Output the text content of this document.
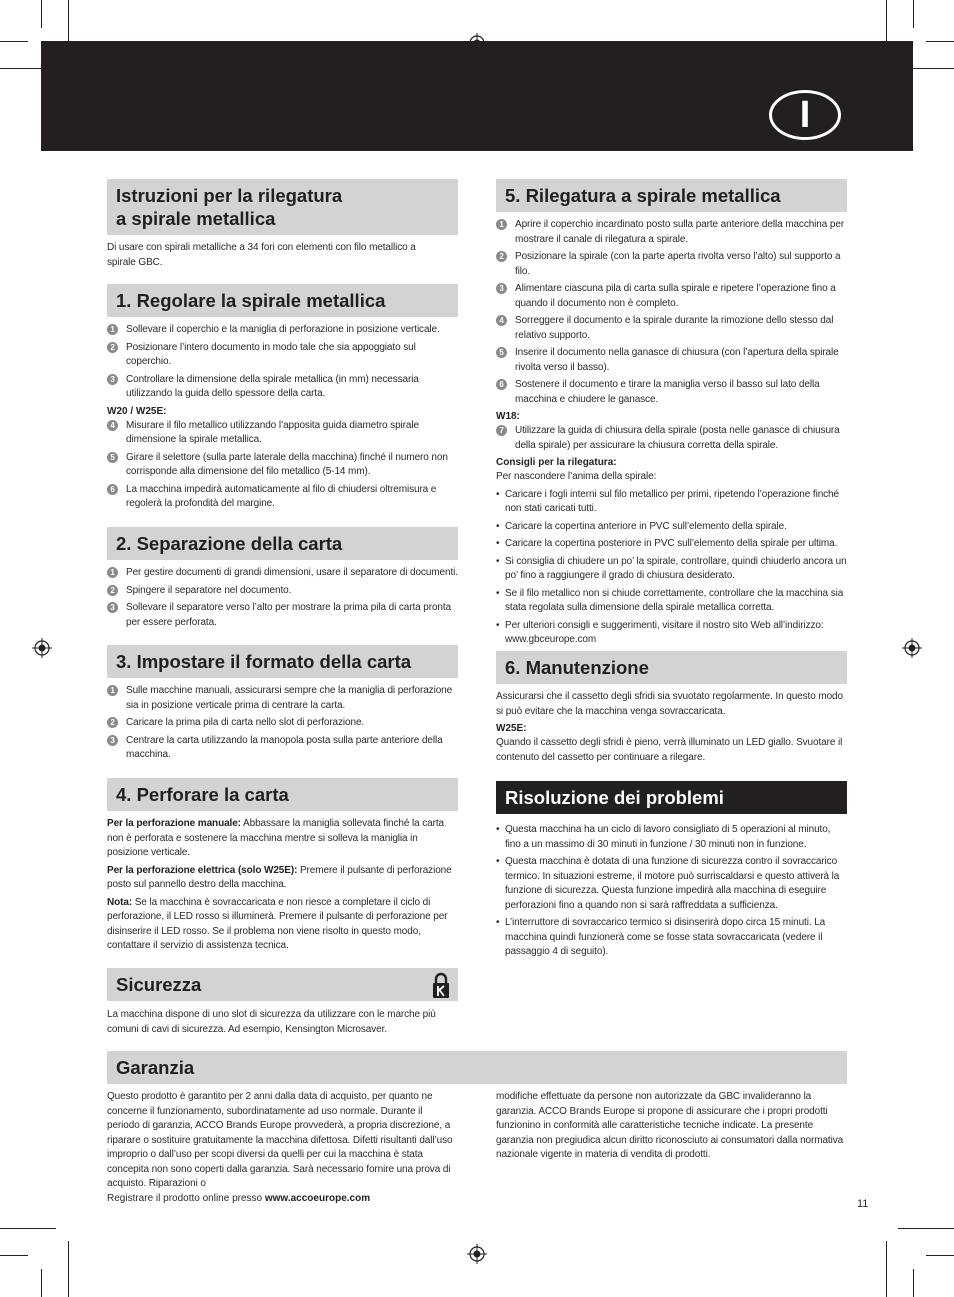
I
Istruzioni per la rilegatura
a spirale metallica
Di usare con spirali metalliche a 34 fori con elementi con filo metallico a
spirale GBC.
1. Regolare la spirale metallica
1	Sollevare il coperchio e la maniglia di perforazione in posizione verticale.
2	Posizionare l’intero documento in modo tale che sia appoggiato sul coperchio.
3	Controllare la dimensione della spirale metallica (in mm) necessaria utilizzando la guida dello spessore della carta.
W20 / W25E:
4	Misurare il filo metallico utilizzando l’apposita guida diametro spirale dimensione la spirale metallica.
5	Girare il selettore (sulla parte laterale della macchina) finché il numero non corrisponde alla dimensione del filo metallico (5-14 mm).
6	La macchina impedirà automaticamente al filo di chiudersi oltremisura e regolerà la profondità del margine.
2. Separazione della carta
1	Per gestire documenti di grandi dimensioni, usare il separatore di documenti.
2	Spingere il separatore nel documento.
3	Sollevare il separatore verso l’alto per mostrare la prima pila di carta pronta per essere perforata.
3. Impostare il formato della carta
1	Sulle macchine manuali, assicurarsi sempre che la maniglia di perforazione sia in posizione verticale prima di centrare la carta.
2	Caricare la prima pila di carta nello slot di perforazione.
3	Centrare la carta utilizzando la manopola posta sulla parte anteriore della macchina.
4. Perforare la carta
Per la perforazione manuale: Abbassare la maniglia sollevata finché la carta non è perforata e sostenere la macchina mentre si solleva la maniglia in posizione verticale.
Per la perforazione elettrica (solo W25E): Premere il pulsante di perforazione posto sul pannello destro della macchina.
Nota: Se la macchina è sovraccaricata e non riesce a completare il ciclo di perforazione, il LED rosso si illuminerà. Premere il pulsante di perforazione per disinserire il LED rosso. Se il problema non viene risolto in questo modo, contattare il servizio di assistenza tecnica.
Sicurezza
La macchina dispone di uno slot di sicurezza da utilizzare con le marche più comuni di cavi di sicurezza. Ad esempio, Kensington Microsaver.
5. Rilegatura a spirale metallica
1	Aprire il coperchio incardinato posto sulla parte anteriore della macchina per mostrare il canale di rilegatura a spirale.
2	Posizionare la spirale (con la parte aperta rivolta verso l’alto) sul supporto a filo.
3	Alimentare ciascuna pila di carta sulla spirale e ripetere l’operazione fino a quando il documento non è completo.
4	Sorreggere il documento e la spirale durante la rimozione dello stesso dal relativo supporto.
5	Inserire il documento nella ganasce di chiusura (con l’apertura della spirale rivolta verso il basso).
6	Sostenere il documento e tirare la maniglia verso il basso sul lato della macchina e chiudere le ganasce.
W18:
7	Utilizzare la guida di chiusura della spirale (posta nelle ganasce di chiusura della spirale) per assicurare la chiusura corretta della spirale.
Consigli per la rilegatura:
Per nascondere l’anima della spirale:
• Caricare i fogli interni sul filo metallico per primi, ripetendo l’operazione finché non stati caricati tutti.
• Caricare la copertina anteriore in PVC sull’elemento della spirale.
• Caricare la copertina posteriore in PVC sull’elemento della spirale per ultima.
• Si consiglia di chiudere un po’ la spirale, controllare, quindi chiuderlo ancora un po’ fino a raggiungere il grado di chiusura desiderato.
• Se il filo metallico non si chiude correttamente, controllare che la macchina sia stata regolata sulla dimensione della spirale metallica corretta.
• Per ulteriori consigli e suggerimenti, visitare il nostro sito Web all’indirizzo: www.gbceurope.com
6. Manutenzione
Assicurarsi che il cassetto degli sfridi sia svuotato regolarmente. In questo modo si può evitare che la macchina venga sovraccaricata.
W25E:
Quando il cassetto degli sfridi è pieno, verrà illuminato un LED giallo. Svuotare il contenuto del cassetto per continuare a rilegare.
Risoluzione dei problemi
• Questa macchina ha un ciclo di lavoro consigliato di 5 operazioni al minuto, fino a un massimo di 30 minuti in funzione / 30 minuti non in funzione.
• Questa macchina è dotata di una funzione di sicurezza contro il sovraccarico termico. In situazioni estreme, il motore può surriscaldarsi e questo attiverà la funzione di sicurezza. Questa funzione impedirà alla macchina di eseguire perforazioni fino a quando non si sarà raffreddata a sufficienza.
• L’interruttore di sovraccarico termico si disinserirà dopo circa 15 minuti. La macchina quindi funzionerà come se fosse stata sovraccaricata (vedere il passaggio 4 di seguito).
Garanzia
Questo prodotto è garantito per 2 anni dalla data di acquisto, per quanto ne concerne il funzionamento, subordinatamente ad uso normale. Durante il periodo di garanzia, ACCO Brands Europe provvederà, a propria discrezione, a riparare o sostituire gratuitamente la macchina difettosa. Difetti risultanti dall’uso improprio o dall’uso per scopi diversi da quelli per cui la macchina è stata concepita non sono coperti dalla garanzia. Sarà necessario fornire una prova di acquisto. Riparazioni o
modifiche effettuate da persone non autorizzate da GBC invalideranno la garanzia. ACCO Brands Europe si propone di assicurare che i propri prodotti funzionino in conformità alle caratteristiche tecniche indicate. La presente garanzia non pregiudica alcun diritto riconosciuto ai consumatori dalla normativa nazionale vigente in materia di vendita di prodotti.
Registrare il prodotto online presso www.accoeurope.com	11
